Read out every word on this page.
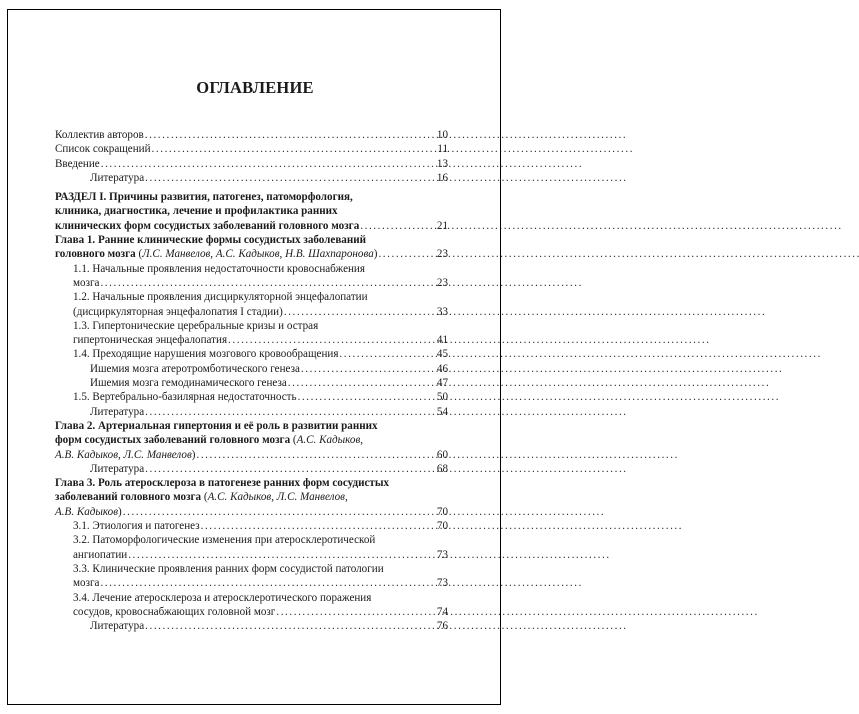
ОГЛАВЛЕНИЕ
Коллектив авторов . . .	10
Список сокращений . . .	11
Введение . . .	13
Литература . . .	16
РАЗДЕЛ I. Причины развития, патогенез, патоморфология,
клиника, диагностика, лечение и профилактика ранних
клинических форм сосудистых заболеваний головного мозга . . .	21
Глава 1. Ранние клинические формы сосудистых заболеваний
головного мозга (Л.С. Манвелов, А.С. Кадыков, Н.В. Шахпаронова) . . .	23
1.1. Начальные проявления недостаточности кровоснабжения
мозга . . .	23
1.2. Начальные проявления дисциркуляторной энцефалопатии
(дисциркуляторная энцефалопатия I стадии) . . .	33
1.3. Гипертонические церебральные кризы и острая
гипертоническая энцефалопатия . . .	41
1.4. Преходящие нарушения мозгового кровообращения . . .	45
Ишемия мозга атеротромботического генеза . . .	46
Ишемия мозга гемодинамического генеза . . .	47
1.5. Вертебрально-базилярная недостаточность . . .	50
Литература . . .	54
Глава 2. Артериальная гипертония и её роль в развитии ранних
форм сосудистых заболеваний головного мозга (А.С. Кадыков,
А.В. Кадыков, Л.С. Манвелов) . . .	60
Литература . . .	68
Глава 3. Роль атеросклероза в патогенезе ранних форм сосудистых
заболеваний головного мозга (А.С. Кадыков, Л.С. Манвелов,
А.В. Кадыков) . . .	70
3.1. Этиология и патогенез . . .	70
3.2. Патоморфологические изменения при атеросклеротической
ангиопатии . . .	73
3.3. Клинические проявления ранних форм сосудистой патологии
мозга . . .	73
3.4. Лечение атеросклероза и атеросклеротического поражения
сосудов, кровоснабжающих головной мозг . . .	74
Литература . . .	76
